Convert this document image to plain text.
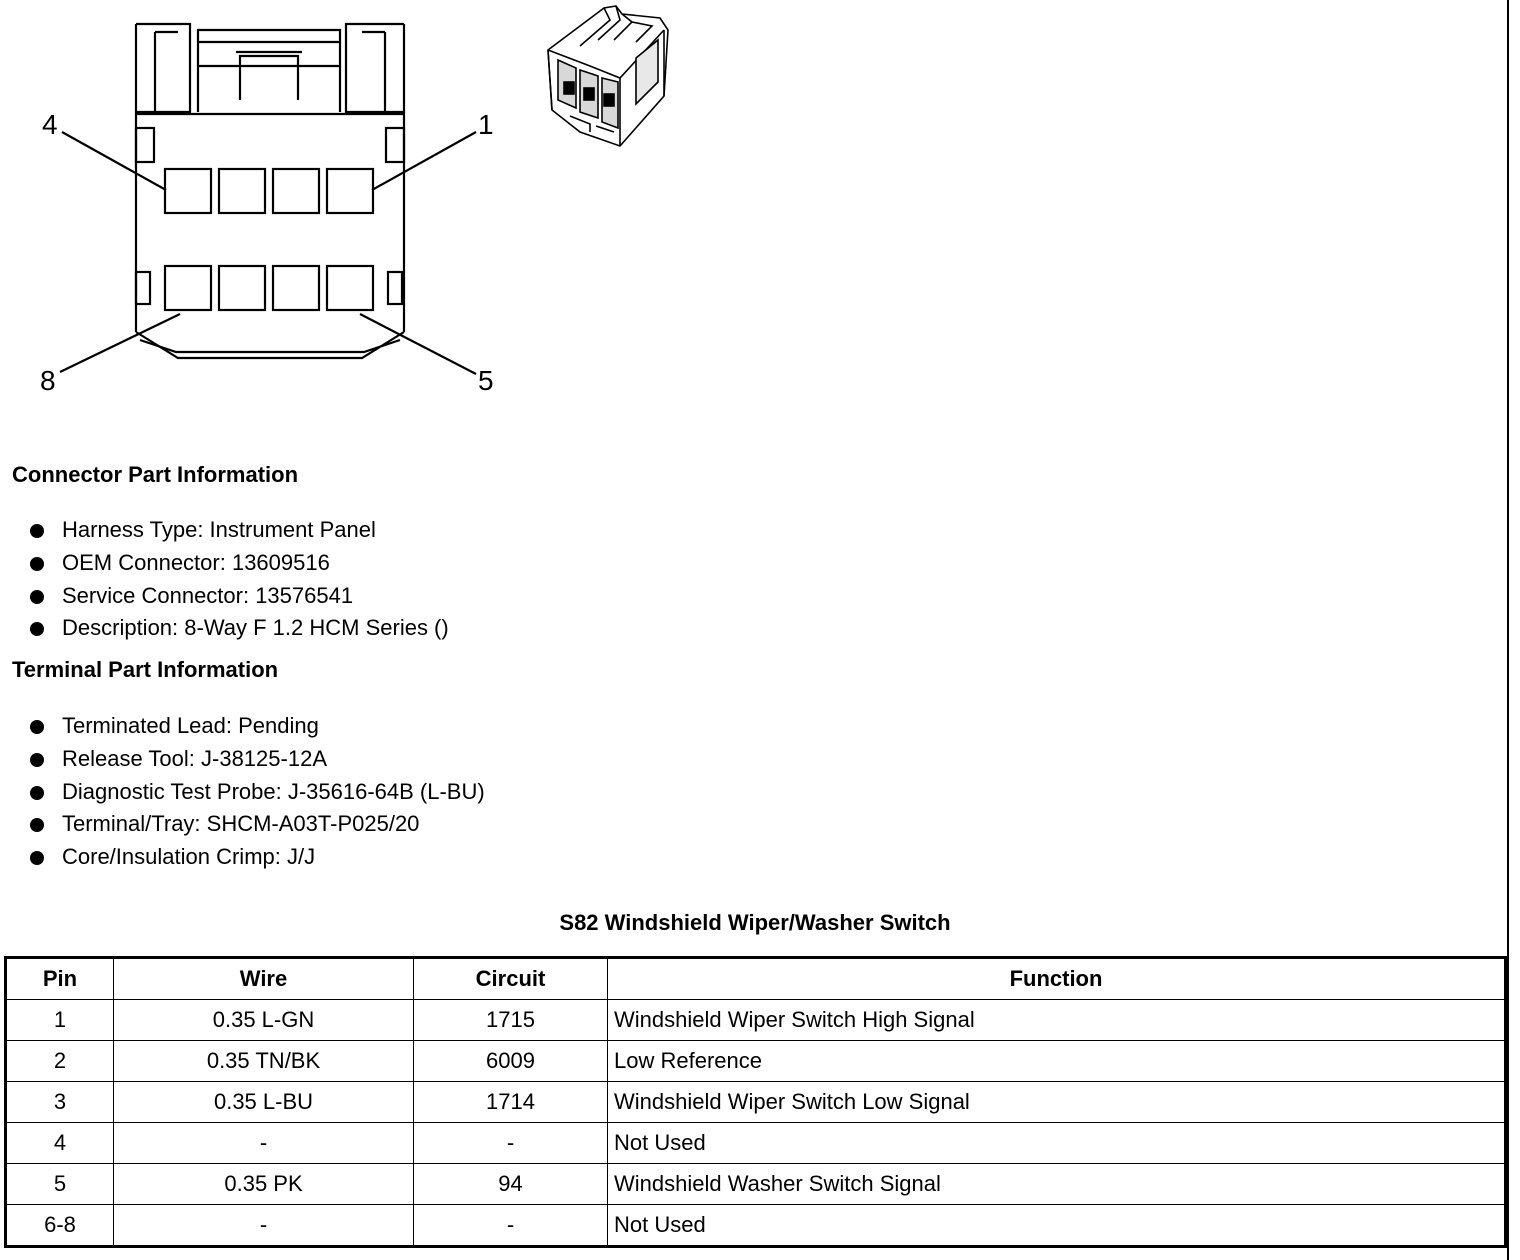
4	1
8	5
Connector Part Information
Harness Type: Instrument Panel
OEM Connector: 13609516
Service Connector: 13576541
Description: 8-Way F 1.2 HCM Series ()
Terminal Part Information
Terminated Lead: Pending
Release Tool: J-38125-12A
Diagnostic Test Probe: J-35616-64B (L-BU)
Terminal/Tray: SHCM-A03T-P025/20
Core/Insulation Crimp: J/J
S82 Windshield Wiper/Washer Switch
Pin	Wire	Circuit	Function
1	0.35 L-GN	1715	Windshield Wiper Switch High Signal
2	0.35 TN/BK	6009	Low Reference
3	0.35 L-BU	1714	Windshield Wiper Switch Low Signal
4	-	-	Not Used
5	0.35 PK	94	Windshield Washer Switch Signal
6-8	-	-	Not Used
